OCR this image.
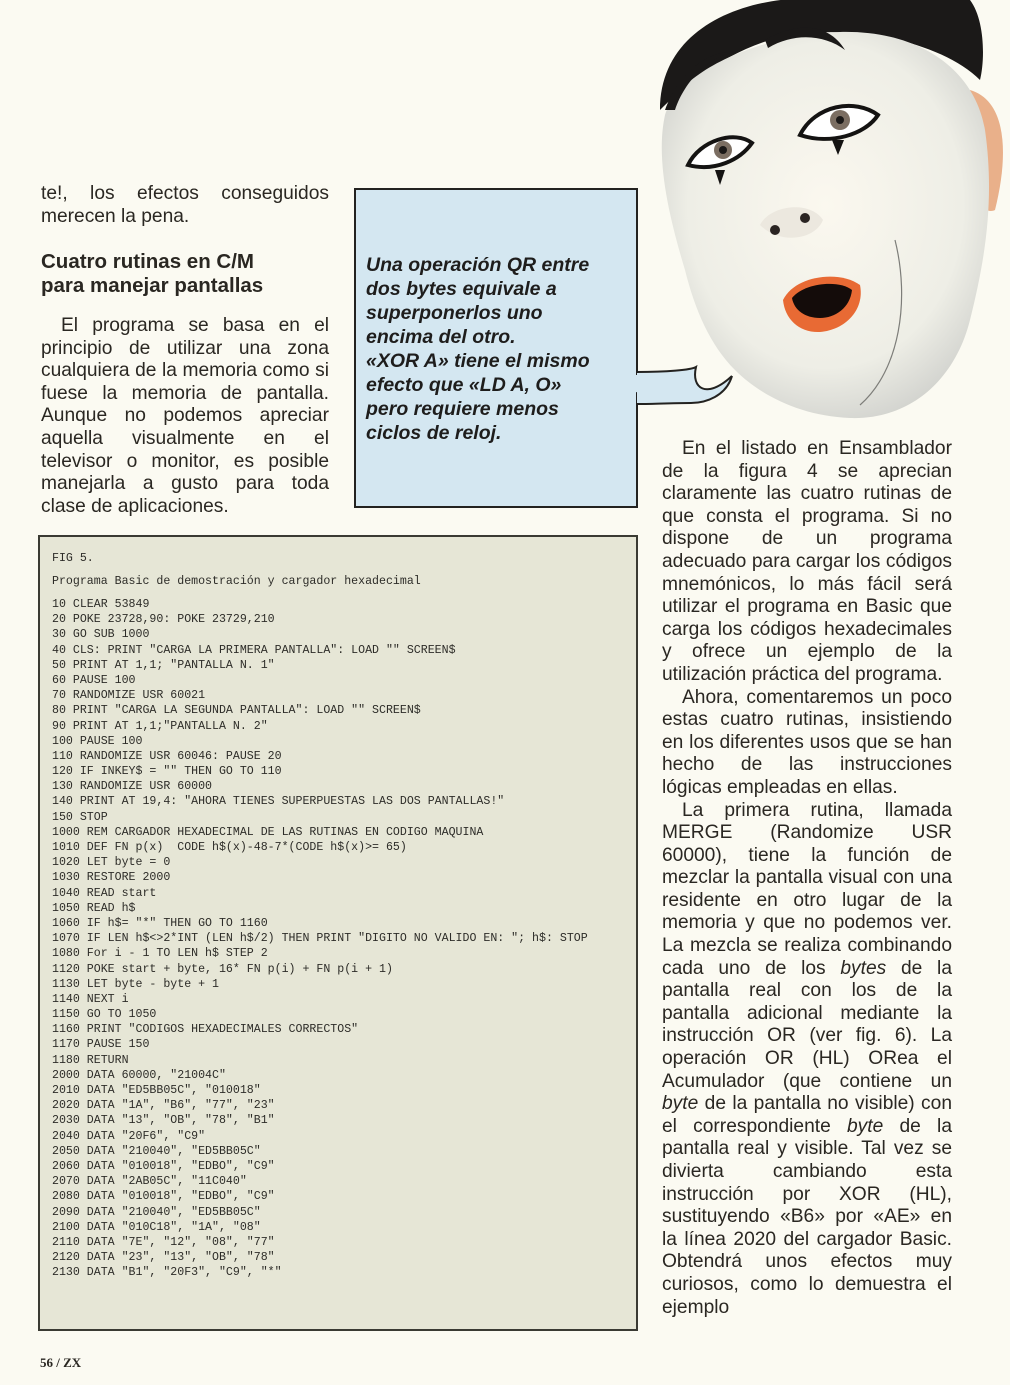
te!, los efectos conseguidos merecen la pena.

Cuatro rutinas en C/M
para manejar pantallas

El programa se basa en el principio de utilizar una zona cualquiera de la memoria como si fuese la memoria de pantalla. Aunque no podemos apreciar aquella visualmente en el televisor o monitor, es posible manejarla a gusto para toda clase de aplicaciones.

Una operación QR entre
dos bytes equivale a
superponerlos uno
encima del otro.
«XOR A» tiene el mismo
efecto que «LD A, O»
pero requiere menos
ciclos de reloj.

En el listado en Ensamblador de la figura 4 se aprecian claramente las cuatro rutinas de que consta el programa. Si no dispone de un programa adecuado para cargar los códigos mnemónicos, lo más fácil será utilizar el programa en Basic que carga los códigos hexadecimales y ofrece un ejemplo de la utilización práctica del programa.

Ahora, comentaremos un poco estas cuatro rutinas, insistiendo en los diferentes usos que se han hecho de las instrucciones lógicas empleadas en ellas.

La primera rutina, llamada MERGE (Randomize USR 60000), tiene la función de mezclar la pantalla visual con una residente en otro lugar de la memoria y que no podemos ver. La mezcla se realiza combinando cada uno de los bytes de la pantalla real con los de la pantalla adicional mediante la instrucción OR (ver fig. 6). La operación OR (HL) ORea el Acumulador (que contiene un byte de la pantalla no visible) con el correspondiente byte de la pantalla real y visible. Tal vez se divierta cambiando esta instrucción por XOR (HL), sustituyendo «B6» por «AE» en la línea 2020 del cargador Basic. Obtendrá unos efectos muy curiosos, como lo demuestra el ejemplo

FIG 5.
Programa Basic de demostración y cargador hexadecimal
10 CLEAR 53849
20 POKE 23728,90: POKE 23729,210
30 GO SUB 1000
40 CLS: PRINT "CARGA LA PRIMERA PANTALLA": LOAD "" SCREEN$
50 PRINT AT 1,1; "PANTALLA N. 1"
60 PAUSE 100
70 RANDOMIZE USR 60021
80 PRINT "CARGA LA SEGUNDA PANTALLA": LOAD "" SCREEN$
90 PRINT AT 1,1;"PANTALLA N. 2"
100 PAUSE 100
110 RANDOMIZE USR 60046: PAUSE 20
120 IF INKEY$ = "" THEN GO TO 110
130 RANDOMIZE USR 60000
140 PRINT AT 19,4: "AHORA TIENES SUPERPUESTAS LAS DOS PANTALLAS!"
150 STOP
1000 REM CARGADOR HEXADECIMAL DE LAS RUTINAS EN CODIGO MAQUINA
1010 DEF FN p(x)  CODE h$(x)-48-7*(CODE h$(x)>= 65)
1020 LET byte = 0
1030 RESTORE 2000
1040 READ start
1050 READ h$
1060 IF h$= "*" THEN GO TO 1160
1070 IF LEN h$<>2*INT (LEN h$/2) THEN PRINT "DIGITO NO VALIDO EN: "; h$: STOP
1080 For i - 1 TO LEN h$ STEP 2
1120 POKE start + byte, 16* FN p(i) + FN p(i + 1)
1130 LET byte - byte + 1
1140 NEXT i
1150 GO TO 1050
1160 PRINT "CODIGOS HEXADECIMALES CORRECTOS"
1170 PAUSE 150
1180 RETURN
2000 DATA 60000, "21004C"
2010 DATA "ED5BB05C", "010018"
2020 DATA "1A", "B6", "77", "23"
2030 DATA "13", "OB", "78", "B1"
2040 DATA "20F6", "C9"
2050 DATA "210040", "ED5BB05C"
2060 DATA "010018", "EDBO", "C9"
2070 DATA "2AB05C", "11C040"
2080 DATA "010018", "EDBO", "C9"
2090 DATA "210040", "ED5BB05C"
2100 DATA "010C18", "1A", "08"
2110 DATA "7E", "12", "08", "77"
2120 DATA "23", "13", "OB", "78"
2130 DATA "B1", "20F3", "C9", "*"
56 / ZX
